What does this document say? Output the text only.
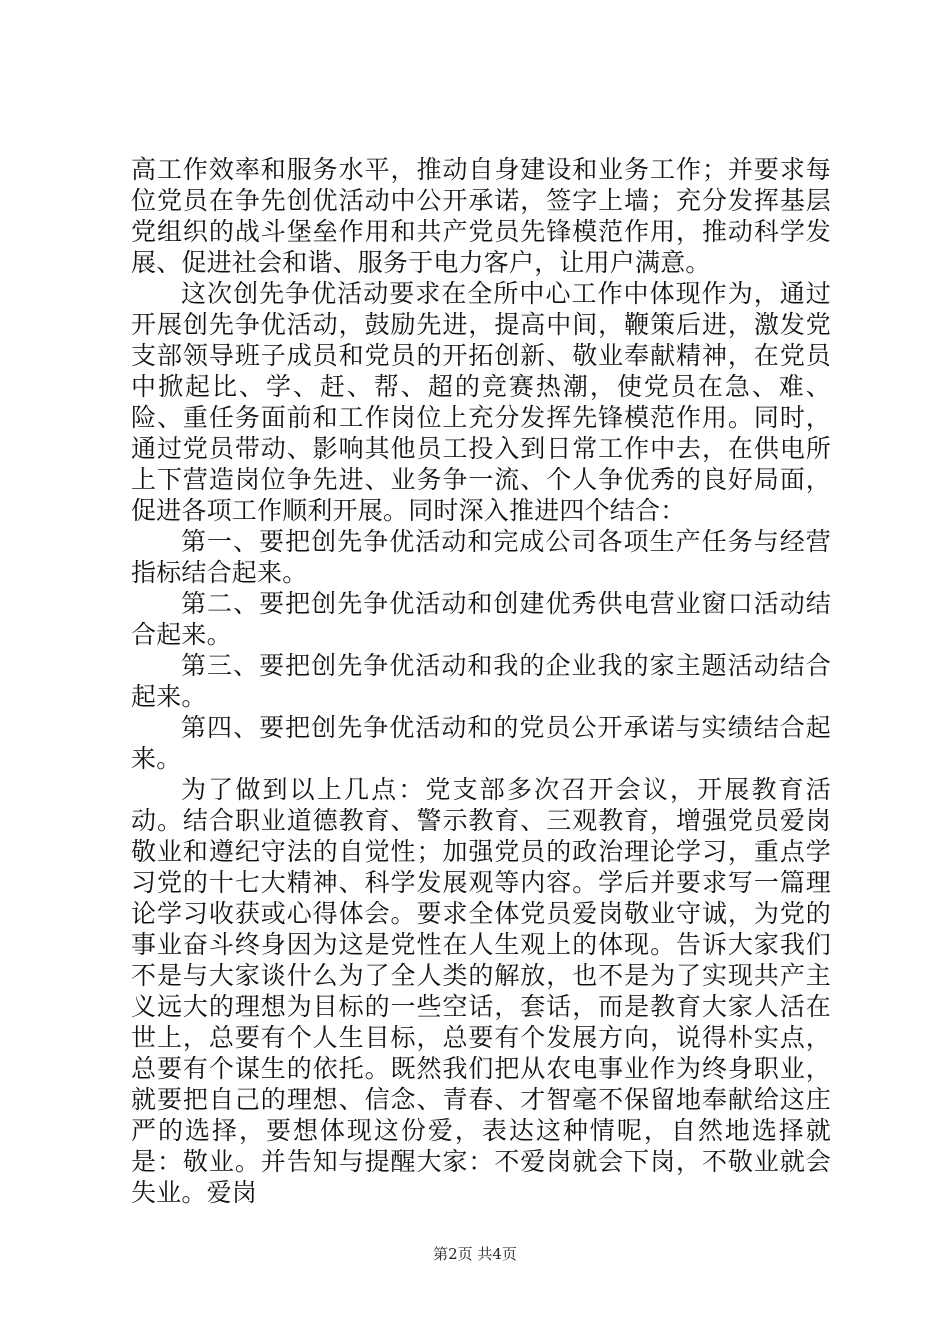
高工作效率和服务水平，推动自身建设和业务工作；并要求每位党员在争先创优活动中公开承诺，签字上墙；充分发挥基层党组织的战斗堡垒作用和共产党员先锋模范作用，推动科学发展、促进社会和谐、服务于电力客户，让用户满意。

这次创先争优活动要求在全所中心工作中体现作为，通过开展创先争优活动，鼓励先进，提高中间，鞭策后进，激发党支部领导班子成员和党员的开拓创新、敬业奉献精神，在党员中掀起比、学、赶、帮、超的竞赛热潮，使党员在急、难、险、重任务面前和工作岗位上充分发挥先锋模范作用。同时，通过党员带动、影响其他员工投入到日常工作中去，在供电所上下营造岗位争先进、业务争一流、个人争优秀的良好局面，促进各项工作顺利开展。同时深入推进四个结合：

第一、要把创先争优活动和完成公司各项生产任务与经营指标结合起来。

第二、要把创先争优活动和创建优秀供电营业窗口活动结合起来。

第三、要把创先争优活动和我的企业我的家主题活动结合起来。

第四、要把创先争优活动和的党员公开承诺与实绩结合起来。

为了做到以上几点：党支部多次召开会议，开展教育活动。结合职业道德教育、警示教育、三观教育，增强党员爱岗敬业和遵纪守法的自觉性；加强党员的政治理论学习，重点学习党的十七大精神、科学发展观等内容。学后并要求写一篇理论学习收获或心得体会。要求全体党员爱岗敬业守诚，为党的事业奋斗终身因为这是党性在人生观上的体现。告诉大家我们不是与大家谈什么为了全人类的解放，也不是为了实现共产主义远大的理想为目标的一些空话，套话，而是教育大家人活在世上，总要有个人生目标，总要有个发展方向，说得朴实点，总要有个谋生的依托。既然我们把从农电事业作为终身职业，就要把自己的理想、信念、青春、才智毫不保留地奉献给这庄严的选择，要想体现这份爱，表达这种情呢，自然地选择就是：敬业。并告知与提醒大家：不爱岗就会下岗，不敬业就会失业。爱岗

第2页 共4页
